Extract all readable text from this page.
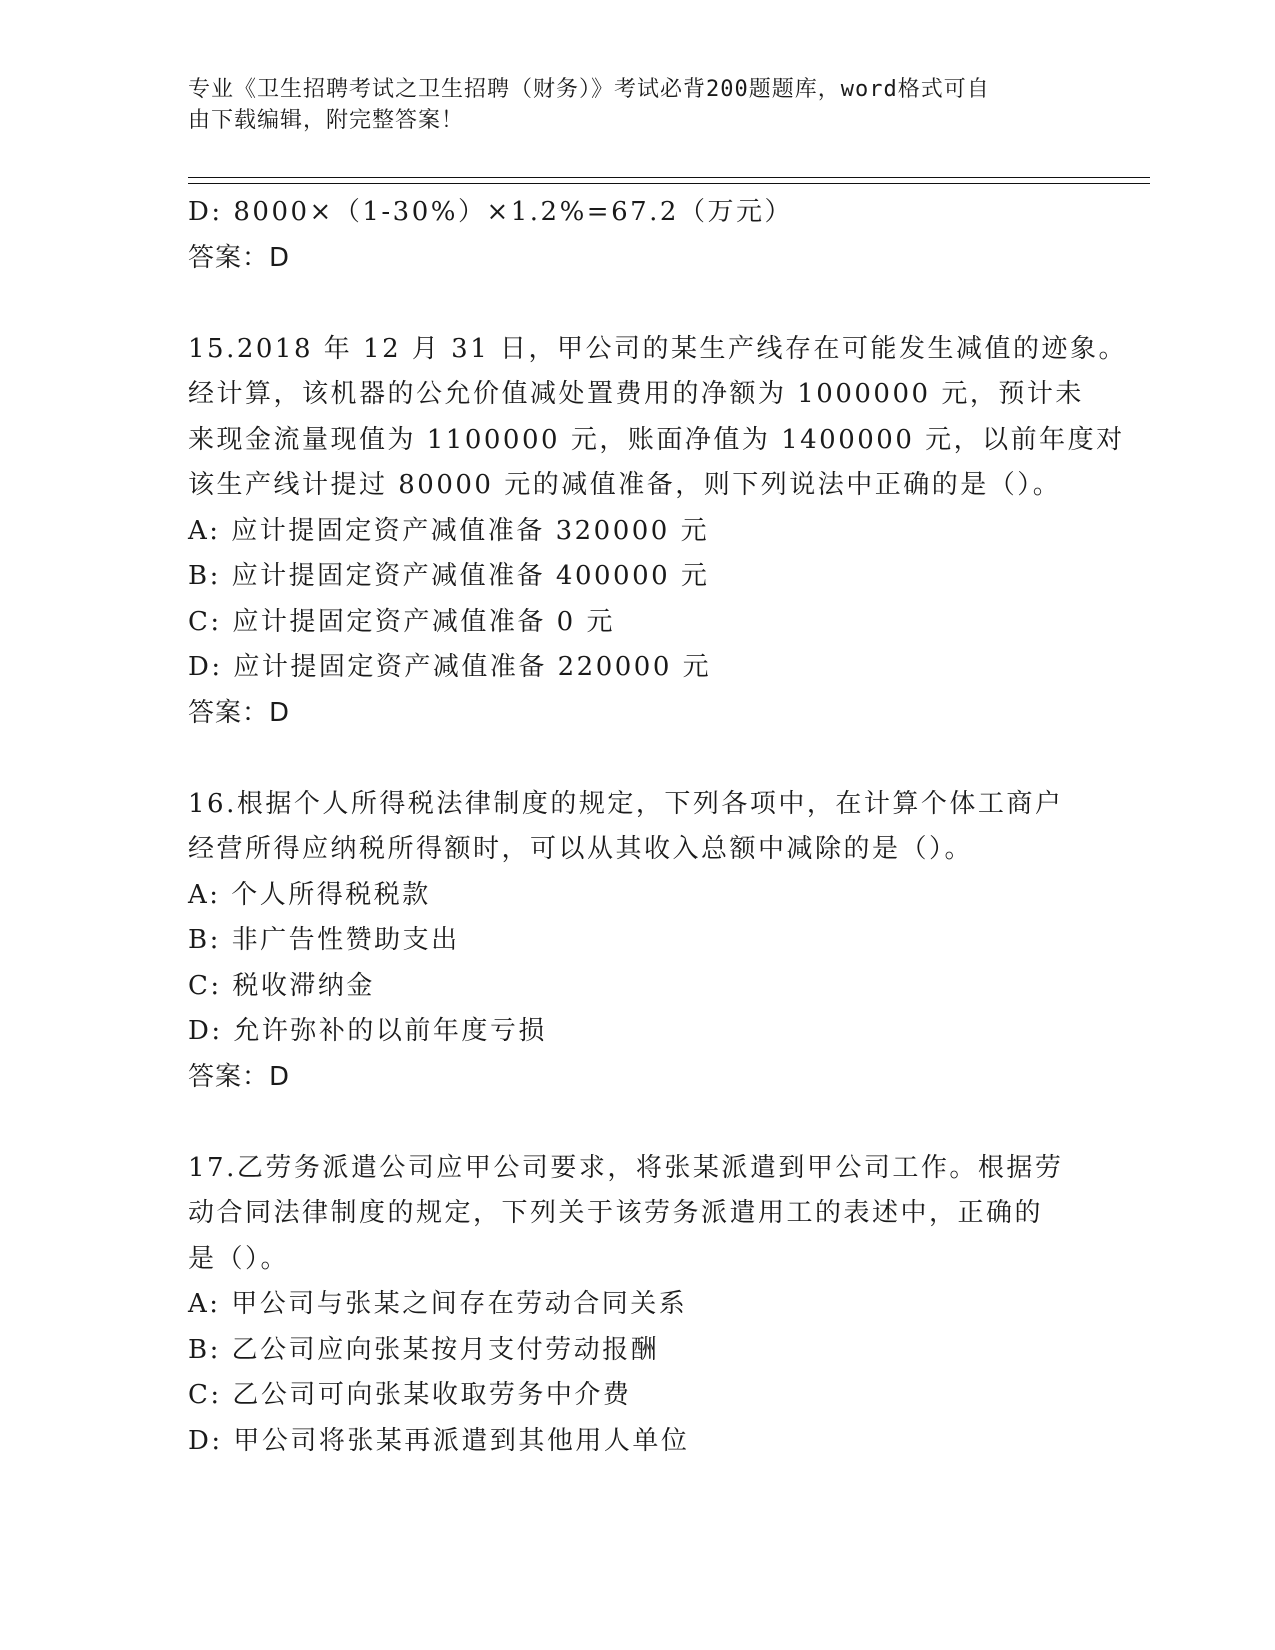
专业《卫生招聘考试之卫生招聘（财务）》考试必背200题题库，word格式可自
由下载编辑，附完整答案！
D: 8000×（1-30%）×1.2%=67.2（万元）
答案：D
15.2018 年 12 月 31 日，甲公司的某生产线存在可能发生减值的迹象。
经计算，该机器的公允价值减处置费用的净额为 1000000 元，预计未
来现金流量现值为 1100000 元，账面净值为 1400000 元，以前年度对
该生产线计提过 80000 元的减值准备，则下列说法中正确的是（）。
A: 应计提固定资产减值准备 320000 元
B: 应计提固定资产减值准备 400000 元
C: 应计提固定资产减值准备 0 元
D: 应计提固定资产减值准备 220000 元
答案：D
16.根据个人所得税法律制度的规定，下列各项中，在计算个体工商户
经营所得应纳税所得额时，可以从其收入总额中减除的是（）。
A: 个人所得税税款
B: 非广告性赞助支出
C: 税收滞纳金
D: 允许弥补的以前年度亏损
答案：D
17.乙劳务派遣公司应甲公司要求，将张某派遣到甲公司工作。根据劳
动合同法律制度的规定，下列关于该劳务派遣用工的表述中，正确的
是（）。
A: 甲公司与张某之间存在劳动合同关系
B: 乙公司应向张某按月支付劳动报酬
C: 乙公司可向张某收取劳务中介费
D: 甲公司将张某再派遣到其他用人单位
